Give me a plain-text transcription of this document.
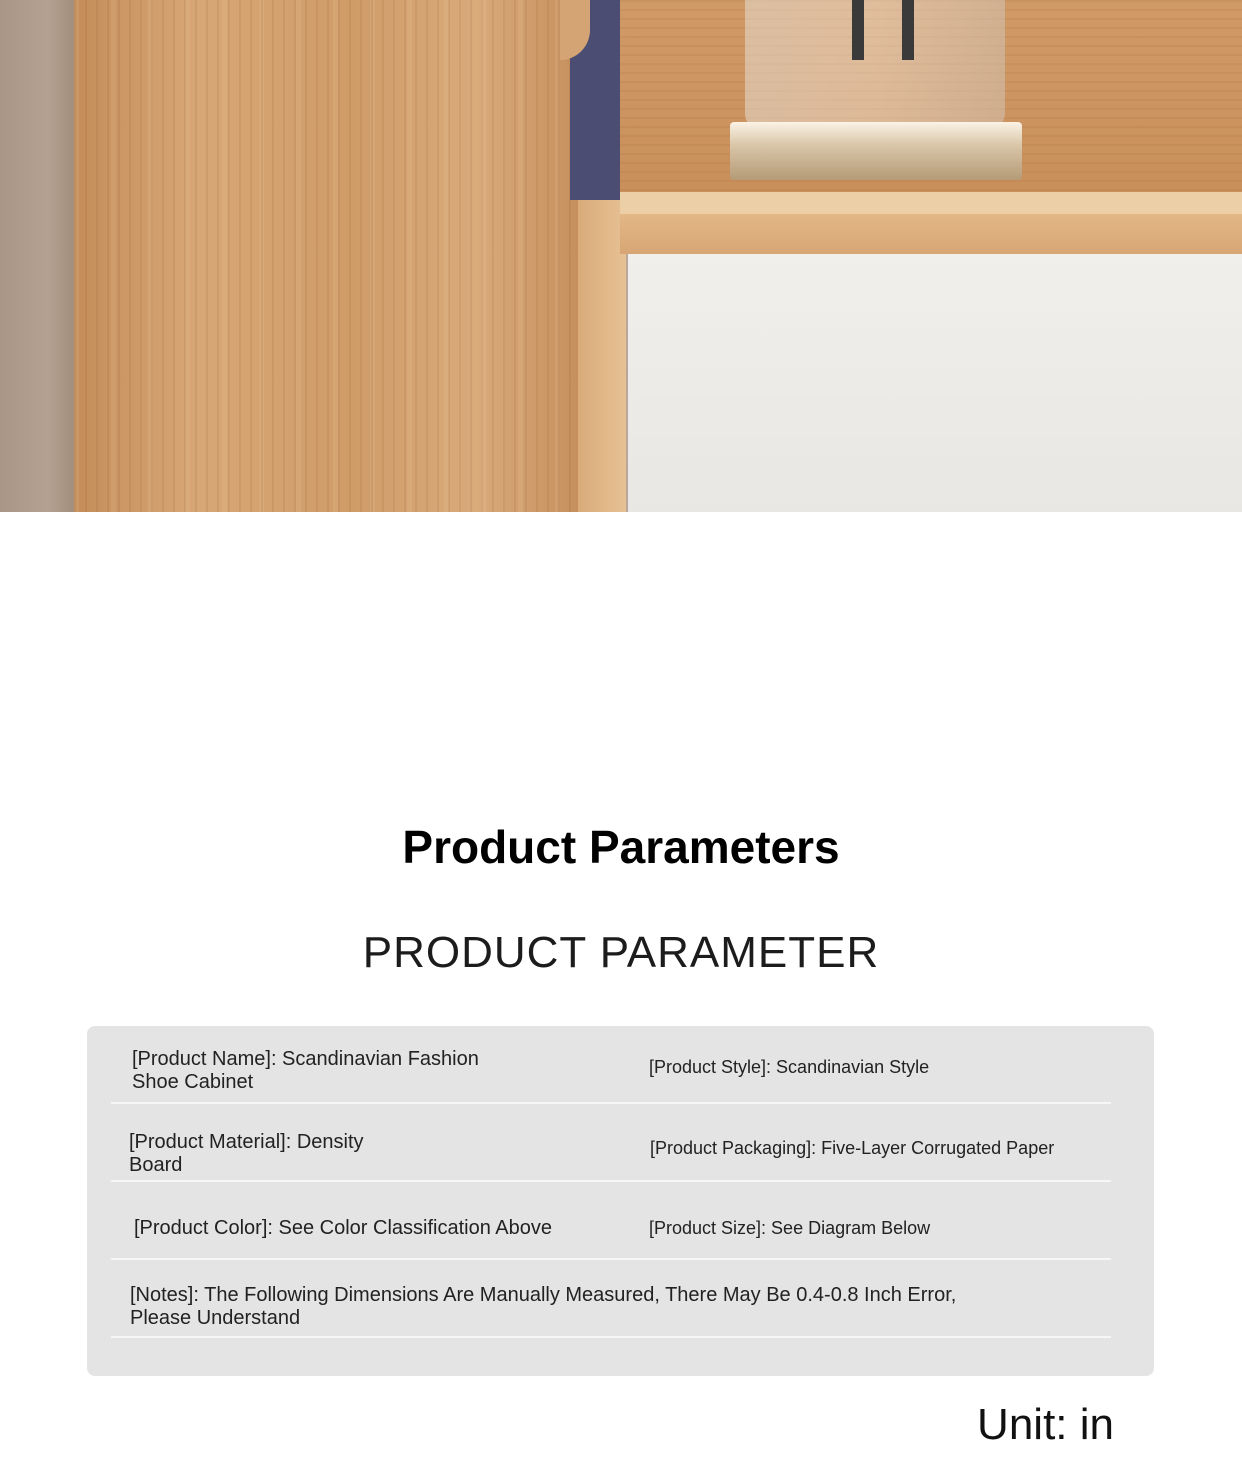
Product Parameters
PRODUCT PARAMETER
[Product Name]: Scandinavian Fashion
Shoe Cabinet
[Product Style]: Scandinavian Style
[Product Material]: Density
Board
[Product Packaging]: Five-Layer Corrugated Paper
[Product Color]: See Color Classification Above	[Product Size]: See Diagram Below
[Notes]: The Following Dimensions Are Manually Measured, There May Be 0.4-0.8 Inch Error,
Please Understand
Unit: in
